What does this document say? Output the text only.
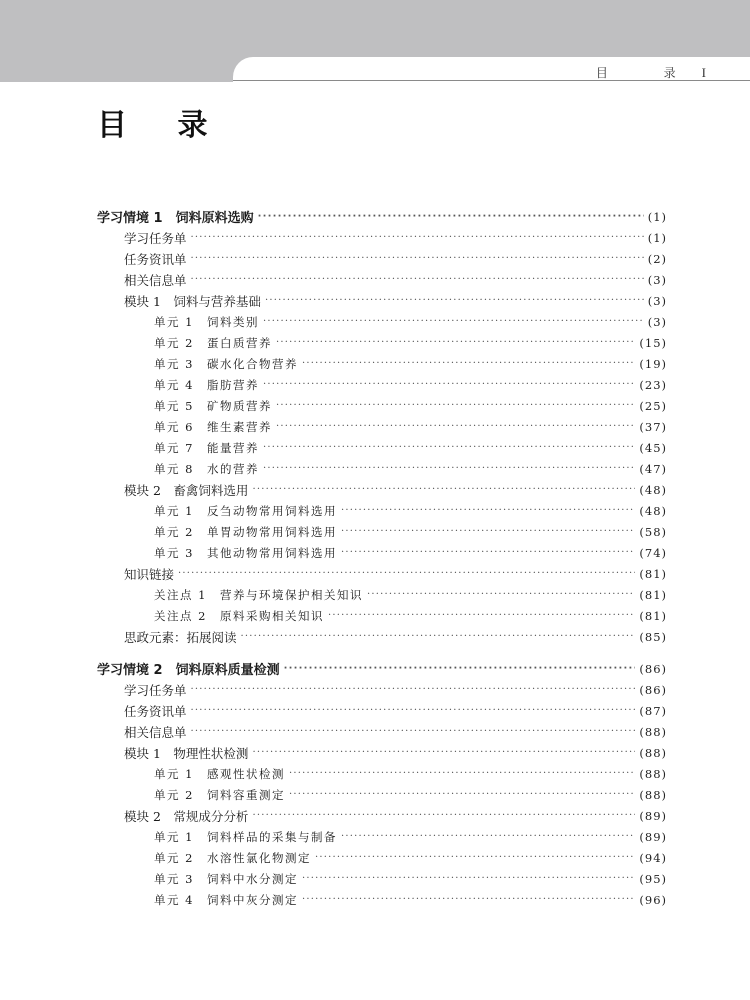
目 录I
目 录
学习情境 1　饲料原料选购 ·····	(1)
学习任务单 ·····	(1)
任务资讯单 ·····	(2)
相关信息单 ·····	(3)
模块 1　饲料与营养基础 ·····	(3)
单元 1　饲料类别 ·····	(3)
单元 2　蛋白质营养 ·····	(15)
单元 3　碳水化合物营养 ·····	(19)
单元 4　脂肪营养 ·····	(23)
单元 5　矿物质营养 ·····	(25)
单元 6　维生素营养 ·····	(37)
单元 7　能量营养 ·····	(45)
单元 8　水的营养 ·····	(47)
模块 2　畜禽饲料选用 ·····	(48)
单元 1　反刍动物常用饲料选用 ·····	(48)
单元 2　单胃动物常用饲料选用 ·····	(58)
单元 3　其他动物常用饲料选用 ·····	(74)
知识链接 ·····	(81)
关注点 1　营养与环境保护相关知识 ·····	(81)
关注点 2　原料采购相关知识 ·····	(81)
思政元素：拓展阅读 ·····	(85)
学习情境 2　饲料原料质量检测 ·····	(86)
学习任务单 ·····	(86)
任务资讯单 ·····	(87)
相关信息单 ·····	(88)
模块 1　物理性状检测 ·····	(88)
单元 1　感观性状检测 ·····	(88)
单元 2　饲料容重测定 ·····	(88)
模块 2　常规成分分析 ·····	(89)
单元 1　饲料样品的采集与制备 ·····	(89)
单元 2　水溶性氯化物测定 ·····	(94)
单元 3　饲料中水分测定 ·····	(95)
单元 4　饲料中灰分测定 ·····	(96)
